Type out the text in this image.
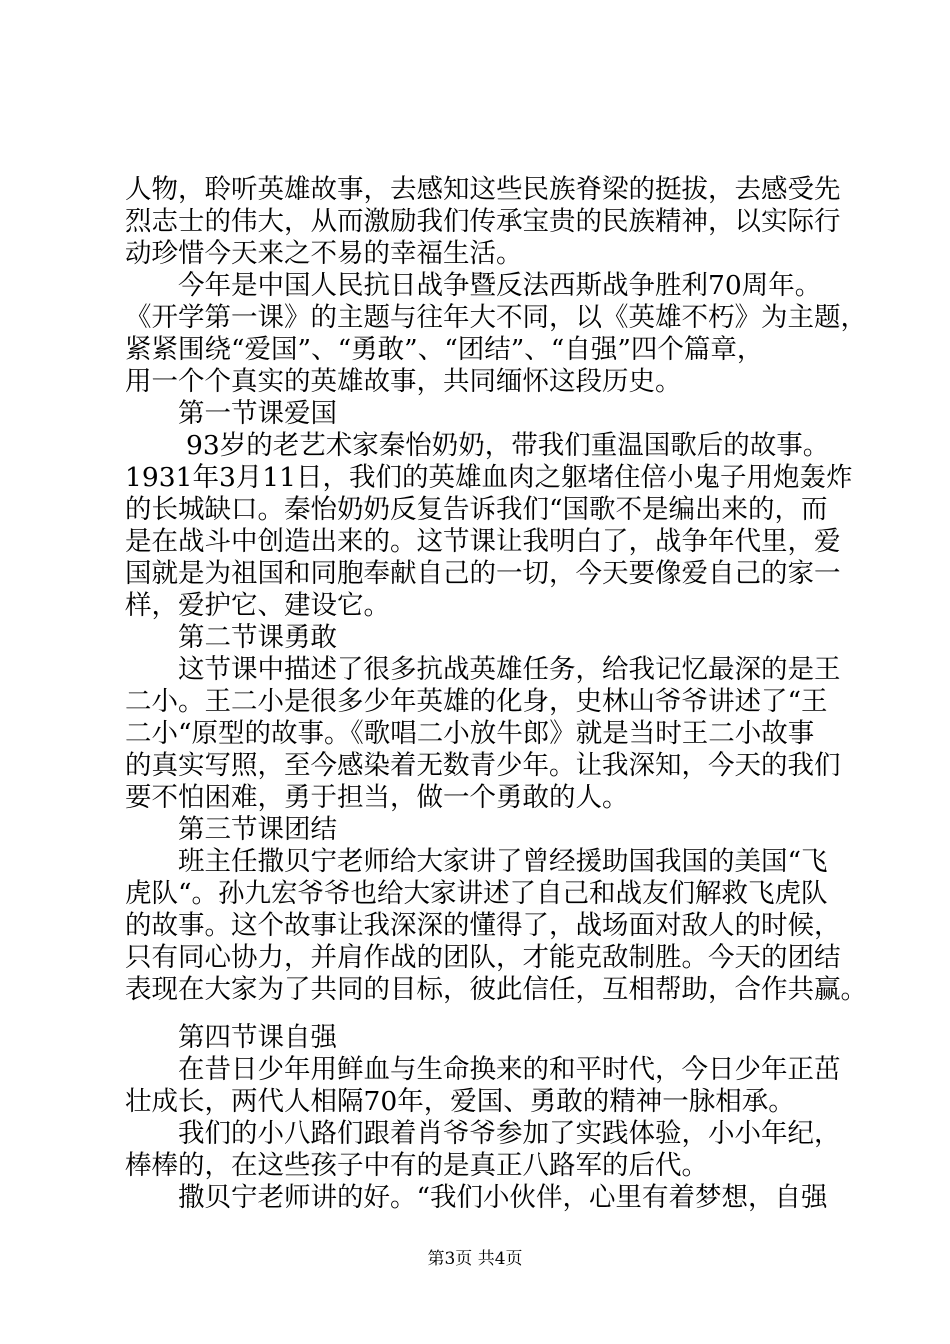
人物，聆听英雄故事，去感知这些民族脊梁的挺拔，去感受先
烈志士的伟大，从而激励我们传承宝贵的民族精神，以实际行
动珍惜今天来之不易的幸福生活。
今年是中国人民抗日战争暨反法西斯战争胜利70周年。
《开学第一课》的主题与往年大不同，以《英雄不朽》为主题，
紧紧围绕“爱国”、“勇敢”、“团结”、“自强”四个篇章，
用一个个真实的英雄故事，共同缅怀这段历史。
第一节课爱国
93岁的老艺术家秦怡奶奶，带我们重温国歌后的故事。
1931年3月11日，我们的英雄血肉之躯堵住倍小鬼子用炮轰炸
的长城缺口。秦怡奶奶反复告诉我们“国歌不是编出来的，而
是在战斗中创造出来的。这节课让我明白了，战争年代里，爱
国就是为祖国和同胞奉献自己的一切，今天要像爱自己的家一
样，爱护它、建设它。
第二节课勇敢
这节课中描述了很多抗战英雄任务，给我记忆最深的是王
二小。王二小是很多少年英雄的化身，史林山爷爷讲述了“王
二小“原型的故事。《歌唱二小放牛郎》就是当时王二小故事
的真实写照，至今感染着无数青少年。让我深知，今天的我们
要不怕困难，勇于担当，做一个勇敢的人。
第三节课团结
班主任撒贝宁老师给大家讲了曾经援助国我国的美国“飞
虎队“。孙九宏爷爷也给大家讲述了自己和战友们解救飞虎队
的故事。这个故事让我深深的懂得了，战场面对敌人的时候，
只有同心协力，并肩作战的团队，才能克敌制胜。今天的团结
表现在大家为了共同的目标，彼此信任，互相帮助，合作共赢。
第四节课自强
在昔日少年用鲜血与生命换来的和平时代，今日少年正茁
壮成长，两代人相隔70年，爱国、勇敢的精神一脉相承。
我们的小八路们跟着肖爷爷参加了实践体验，小小年纪，
棒棒的，在这些孩子中有的是真正八路军的后代。
撒贝宁老师讲的好。“我们小伙伴，心里有着梦想，自强
第3页 共4页
